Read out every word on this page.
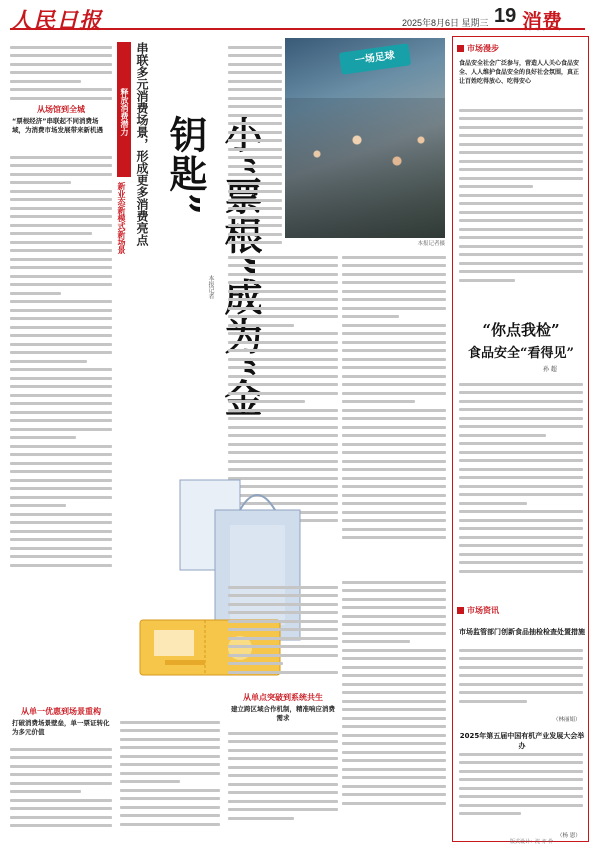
人民日报	2025年8月6日 星期三 19 消费
从场馆到全城
“票根经济”串联起不同消费场域，为消费市场发展带来新机遇
从单一优惠到场景重构
打破消费场景壁垒，单一票证转化为多元价值
释放消费潜力
新业态新模式新场景 串联多元消费场景，形成更多消费亮点	小“票根”成为“金钥匙”
本报记者
一场足球
本报记者摄
从单点突破到系统共生
建立跨区域合作机制，精准响应消费需求
市场漫步
食品安全社会广泛参与，营造人人关心食品安全、人人维护食品安全的良好社会氛围，真正让百姓吃得放心、吃得安心
“你点我检”
食品安全“看得见”
孙 超
市场资讯
市场监管部门创新食品抽检检查处置措施
（林丽娟）
2025年第五届中国有机产业发展大会举办
（杨 恩）
版式设计：沈 亦 伶
